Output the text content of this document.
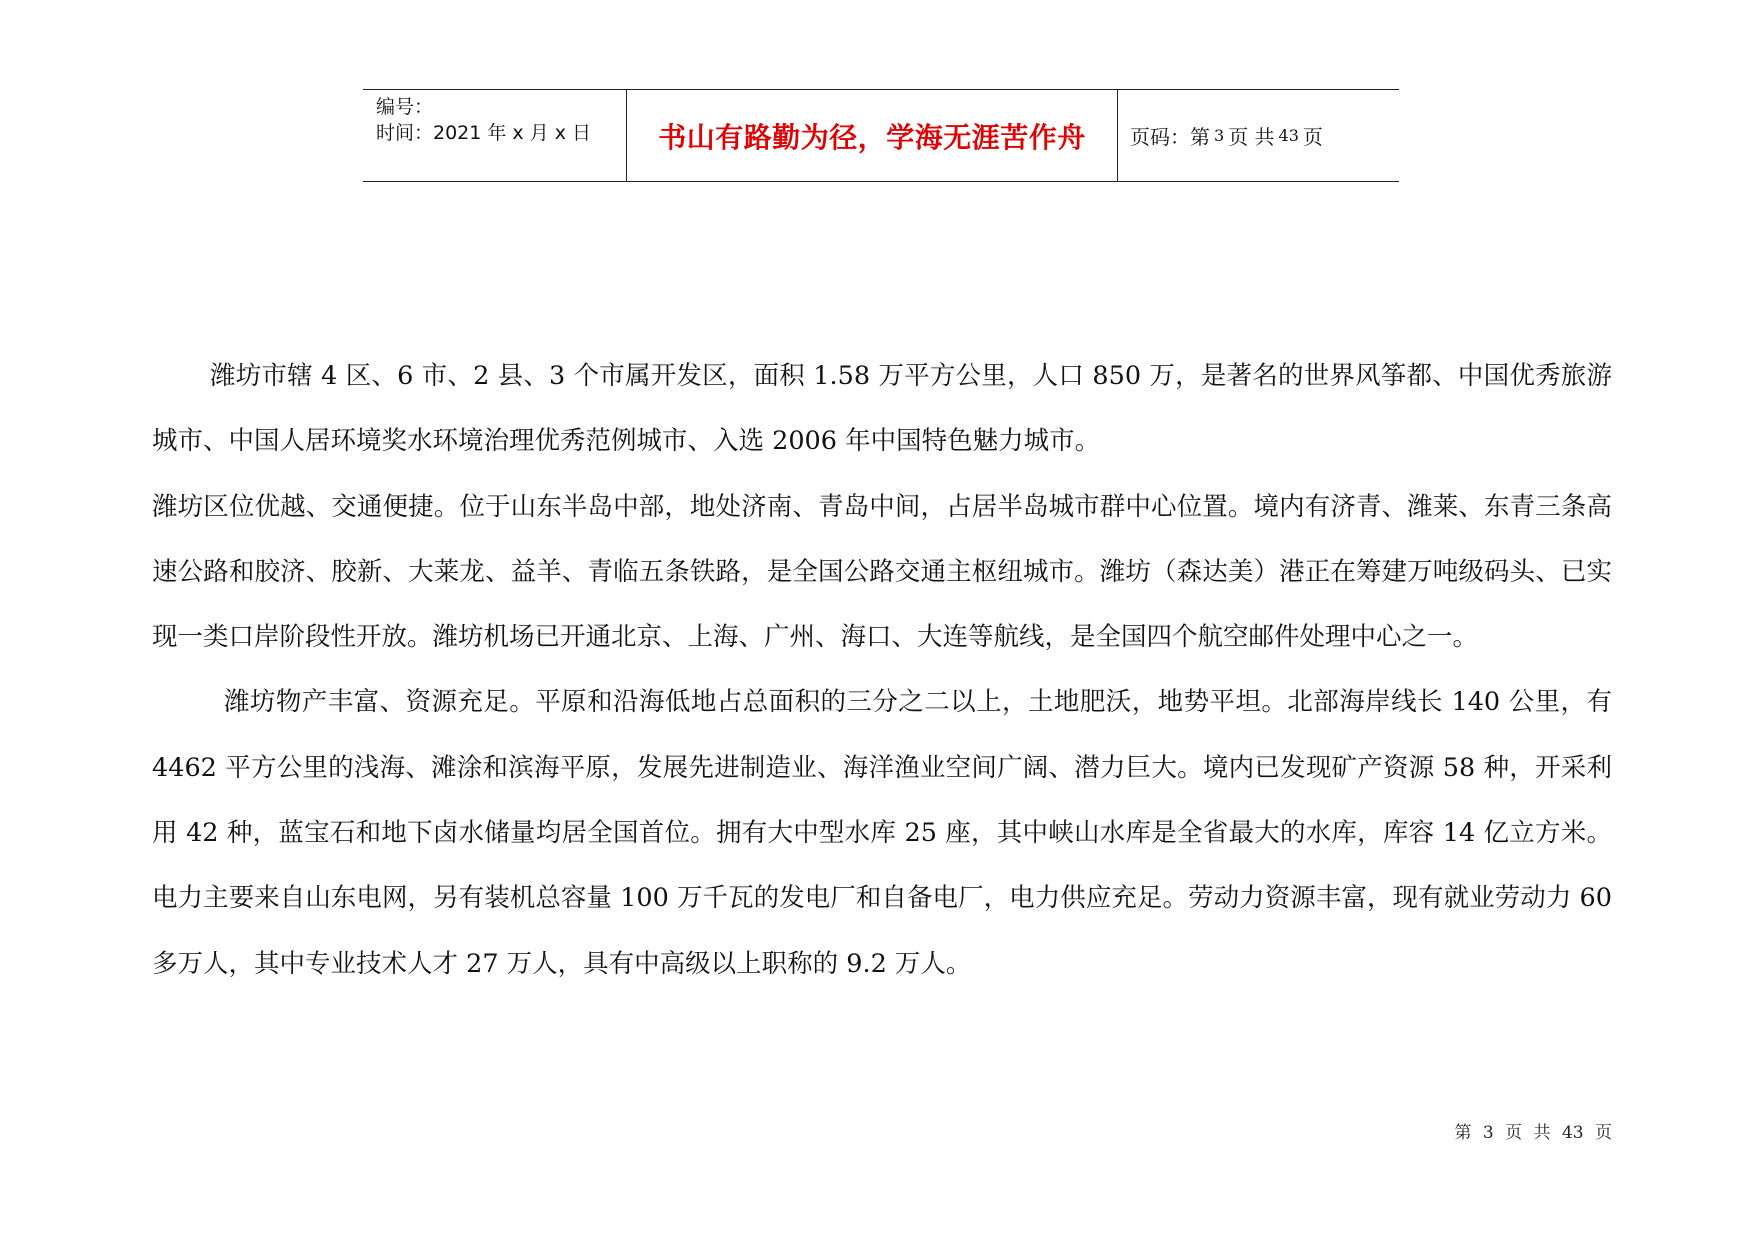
编号：
时间：2021 年 x 月 x 日	书山有路勤为径，学海无涯苦作舟 页码：第 3 页 共 43 页

潍坊市辖 4 区、6 市、2 县、3 个市属开发区，面积 1.58 万平方公里，人口 850 万，是著名的世界风筝都、中国优秀旅游城市、中国人居环境奖水环境治理优秀范例城市、入选 2006 年中国特色魅力城市。

潍坊区位优越、交通便捷。位于山东半岛中部，地处济南、青岛中间，占居半岛城市群中心位置。境内有济青、潍莱、东青三条高速公路和胶济、胶新、大莱龙、益羊、青临五条铁路，是全国公路交通主枢纽城市。潍坊（森达美）港正在筹建万吨级码头、已实现一类口岸阶段性开放。潍坊机场已开通北京、上海、广州、海口、大连等航线，是全国四个航空邮件处理中心之一。

潍坊物产丰富、资源充足。平原和沿海低地占总面积的三分之二以上，土地肥沃，地势平坦。北部海岸线长 140 公里，有 4462 平方公里的浅海、滩涂和滨海平原，发展先进制造业、海洋渔业空间广阔、潜力巨大。境内已发现矿产资源 58 种，开采利用 42 种，蓝宝石和地下卤水储量均居全国首位。拥有大中型水库 25 座，其中峡山水库是全省最大的水库，库容 14 亿立方米。电力主要来自山东电网，另有装机总容量 100 万千瓦的发电厂和自备电厂，电力供应充足。劳动力资源丰富，现有就业劳动力 60 多万人，其中专业技术人才 27 万人，具有中高级以上职称的 9.2 万人。

第 3 页 共 43 页
